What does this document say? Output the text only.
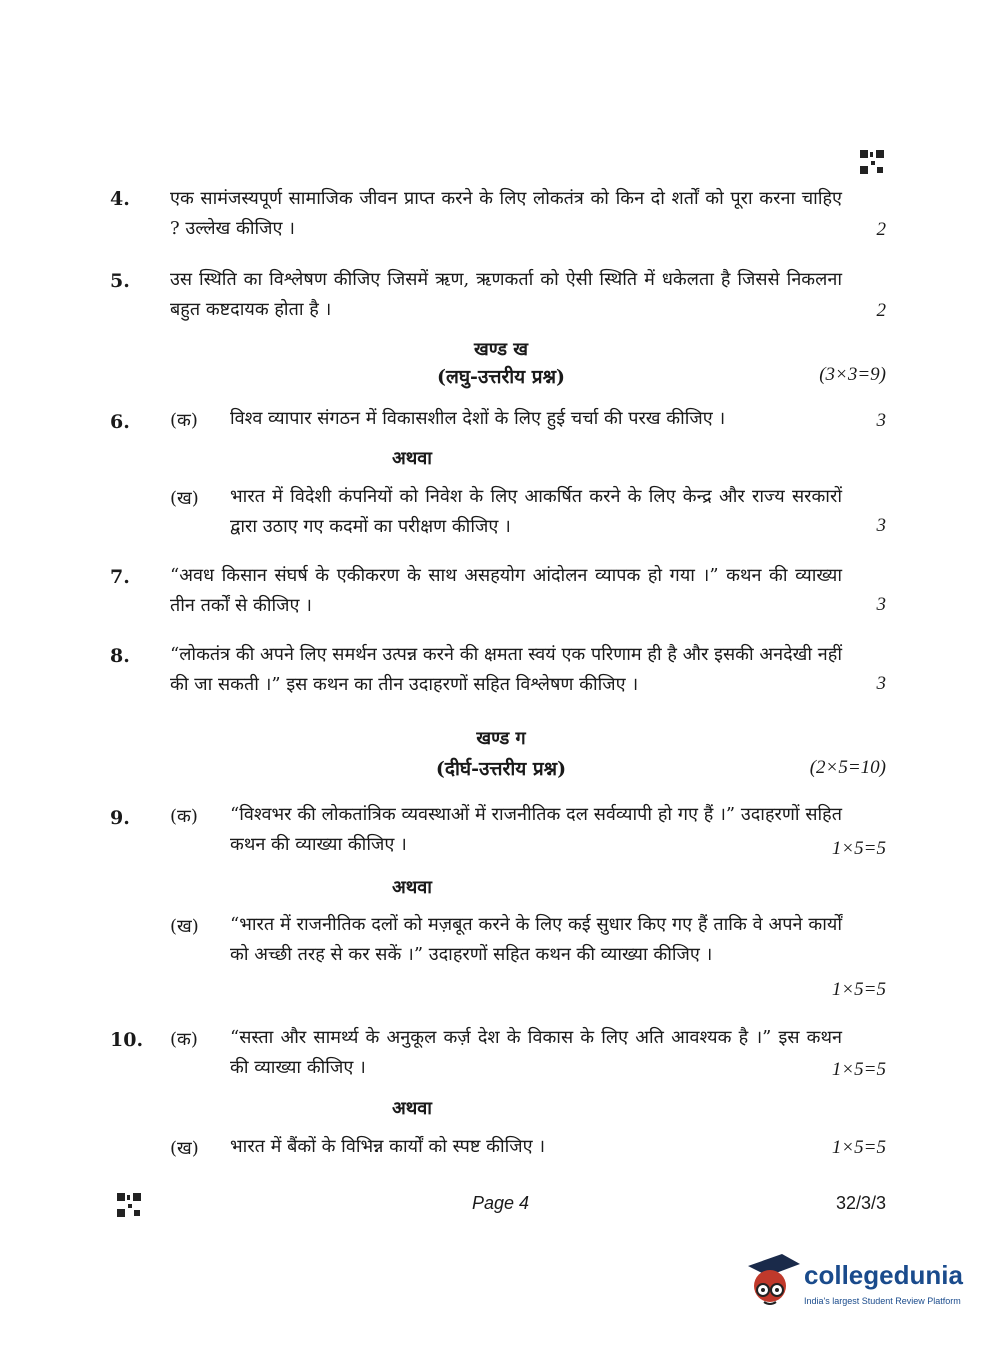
4. एक सामंजस्यपूर्ण सामाजिक जीवन प्राप्त करने के लिए लोकतंत्र को किन दो शर्तों को पूरा करना चाहिए ? उल्लेख कीजिए ।	2
5. उस स्थिति का विश्लेषण कीजिए जिसमें ऋण, ऋणकर्ता को ऐसी स्थिति में धकेलता है जिससे निकलना बहुत कष्टदायक होता है ।	2
खण्ड ख
(लघु-उत्तरीय प्रश्न)	(3×3=9)
6. (क) विश्व व्यापार संगठन में विकासशील देशों के लिए हुई चर्चा की परख कीजिए ।	3
अथवा
(ख) भारत में विदेशी कंपनियों को निवेश के लिए आकर्षित करने के लिए केन्द्र और राज्य सरकारों द्वारा उठाए गए कदमों का परीक्षण कीजिए ।	3
7. “अवध किसान संघर्ष के एकीकरण के साथ असहयोग आंदोलन व्यापक हो गया ।” कथन की व्याख्या तीन तर्कों से कीजिए ।	3
8. “लोकतंत्र की अपने लिए समर्थन उत्पन्न करने की क्षमता स्वयं एक परिणाम ही है और इसकी अनदेखी नहीं की जा सकती ।” इस कथन का तीन उदाहरणों सहित विश्लेषण कीजिए ।	3
खण्ड ग
(दीर्घ-उत्तरीय प्रश्न)	(2×5=10)
9. (क) “विश्वभर की लोकतांत्रिक व्यवस्थाओं में राजनीतिक दल सर्वव्यापी हो गए हैं ।” उदाहरणों सहित कथन की व्याख्या कीजिए ।	1×5=5
अथवा
(ख) “भारत में राजनीतिक दलों को मज़बूत करने के लिए कई सुधार किए गए हैं ताकि वे अपने कार्यों को अच्छी तरह से कर सकें ।” उदाहरणों सहित कथन की व्याख्या कीजिए ।
1×5=5
10. (क) “सस्ता और सामर्थ्य के अनुकूल कर्ज़ देश के विकास के लिए अति आवश्यक है ।” इस कथन की व्याख्या कीजिए ।	1×5=5
अथवा
(ख) भारत में बैंकों के विभिन्न कार्यों को स्पष्ट कीजिए ।	1×5=5
Page 4	32/3/3
collegedunia
India's largest Student Review Platform
